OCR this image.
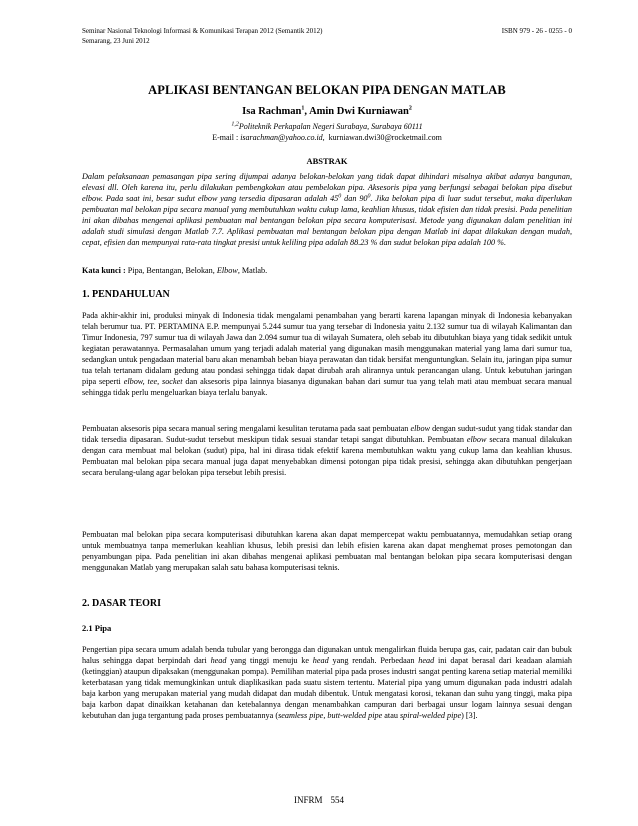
Seminar Nasional Teknologi Informasi & Komunikasi Terapan 2012 (Semantik 2012)	ISBN 979 - 26 - 0255 - 0
Semarang, 23 Juni 2012
APLIKASI BENTANGAN BELOKAN PIPA DENGAN MATLAB
Isa Rachman$^1$, Amin Dwi Kurniawan$^2$
$^{1,2}$Politeknik Perkapalan Negeri Surabaya, Surabaya 60111
E-mail : isarachman@yahoo.co.id, kurniawan.dwi30@rocketmail.com
ABSTRAK
Dalam pelaksanaan pemasangan pipa sering dijumpai adanya belokan-belokan yang tidak dapat dihindari misalnya akibat adanya bangunan, elevasi dll. Oleh karena itu, perlu dilakukan pembengkokan atau pembelokan pipa. Aksesoris pipa yang berfungsi sebagai belokan pipa disebut elbow. Pada saat ini, besar sudut elbow yang tersedia dipasaran adalah $45^0$ dan $90^0$. Jika belokan pipa di luar sudut tersebut, maka diperlukan pembuatan mal belokan pipa secara manual yang membutuhkan waktu cukup lama, keahlian khusus, tidak efisien dan tidak presisi. Pada penelitian ini akan dibahas mengenai aplikasi pembuatan mal bentangan belokan pipa secara komputerisasi. Metode yang digunakan dalam penelitian ini adalah studi simulasi dengan Matlab 7.7. Aplikasi pembuatan mal bentangan belokan pipa dengan Matlab ini dapat dilakukan dengan mudah, cepat, efisien dan mempunyai rata-rata tingkat presisi untuk keliling pipa adalah 88.23 % dan sudut belokan pipa adalah 100 %.
Kata kunci : Pipa, Bentangan, Belokan, Elbow, Matlab.
1. PENDAHULUAN
Pada akhir-akhir ini, produksi minyak di Indonesia tidak mengalami penambahan yang berarti karena lapangan minyak di Indonesia kebanyakan telah berumur tua. PT. PERTAMINA E.P. mempunyai 5.244 sumur tua yang tersebar di Indonesia yaitu 2.132 sumur tua di wilayah Kalimantan dan Timur Indonesia, 797 sumur tua di wilayah Jawa dan 2.094 sumur tua di wilayah Sumatera, oleh sebab itu dibutuhkan biaya yang tidak sedikit untuk kegiatan perawatannya. Permasalahan umum yang terjadi adalah material yang digunakan masih menggunakan material yang lama dari sumur tua, sedangkan untuk pengadaan material baru akan menambah beban biaya perawatan dan tidak bersifat menguntungkan. Selain itu, jaringan pipa sumur tua telah tertanam didalam gedung atau pondasi sehingga tidak dapat dirubah arah alirannya untuk perancangan ulang. Untuk kebutuhan jaringan pipa seperti elbow, tee, socket dan aksesoris pipa lainnya biasanya digunakan bahan dari sumur tua yang telah mati atau membuat secara manual sehingga tidak perlu mengeluarkan biaya terlalu banyak.
Pembuatan aksesoris pipa secara manual sering mengalami kesulitan terutama pada saat pembuatan elbow dengan sudut-sudut yang tidak standar dan tidak tersedia dipasaran. Sudut-sudut tersebut meskipun tidak sesuai standar tetapi sangat dibutuhkan. Pembuatan elbow secara manual dilakukan dengan cara membuat mal belokan (sudut) pipa, hal ini dirasa tidak efektif karena membutuhkan waktu yang cukup lama dan keahlian khusus. Pembuatan mal belokan pipa secara manual juga dapat menyebabkan dimensi potongan pipa tidak presisi, sehingga akan dibutuhkan pengerjaan secara berulang-ulang agar belokan pipa tersebut lebih presisi.
Pembuatan mal belokan pipa secara komputerisasi dibutuhkan karena akan dapat mempercepat waktu pembuatannya, memudahkan setiap orang untuk membuatnya tanpa memerlukan keahlian khusus, lebih presisi dan lebih efisien karena akan dapat menghemat proses pemotongan dan penyambungan pipa. Pada penelitian ini akan dibahas mengenai aplikasi pembuatan mal bentangan belokan pipa secara komputerisasi dengan menggunakan Matlab yang merupakan salah satu bahasa komputerisasi teknis.
2. DASAR TEORI
2.1 Pipa
Pengertian pipa secara umum adalah benda tubular yang berongga dan digunakan untuk mengalirkan fluida berupa gas, cair, padatan cair dan bubuk halus sehingga dapat berpindah dari head yang tinggi menuju ke head yang rendah. Perbedaan head ini dapat berasal dari keadaan alamiah (ketinggian) ataupun dipaksakan (menggunakan pompa). Pemilihan material pipa pada proses industri sangat penting karena setiap material memiliki keterbatasan yang tidak memungkinkan untuk diaplikasikan pada suatu sistem tertentu. Material pipa yang umum digunakan pada industri adalah baja karbon yang merupakan material yang mudah didapat dan mudah dibentuk. Untuk mengatasi korosi, tekanan dan suhu yang tinggi, maka pipa baja karbon dapat dinaikkan ketahanan dan ketebalannya dengan menambahkan campuran dari berbagai unsur logam lainnya sesuai dengan kebutuhan dan juga tergantung pada proses pembuatannya (seamless pipe, butt-welded pipe atau spiral-welded pipe) [3].
INFRM 554
